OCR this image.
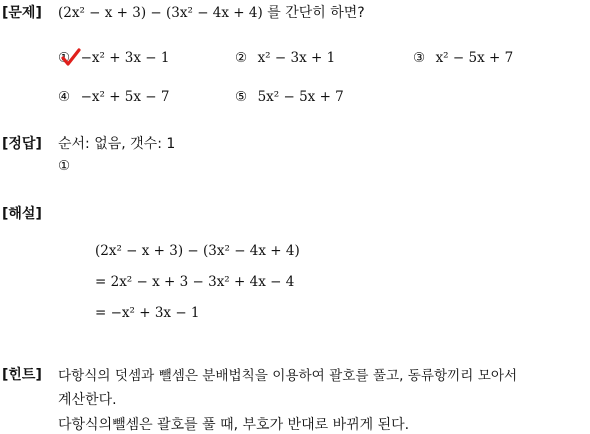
[문제] (2x² − x + 3) − (3x² − 4x + 4) 를 간단히 하면?
① −x² + 3x − 1	② x² − 3x + 1	③ x² − 5x + 7
④ −x² + 5x − 7	⑤ 5x² − 5x + 7
[정답] 순서: 없음, 갯수: 1
①
[해설]
(2x² − x + 3) − (3x² − 4x + 4)
= 2x² − x + 3 − 3x² + 4x − 4
= −x² + 3x − 1
[힌트] 다항식의 덧셈과 뺄셈은 분배법칙을 이용하여 괄호를 풀고, 동류항끼리 모아서
계산한다.
다항식의뺄셈은 괄호를 풀 때, 부호가 반대로 바뀌게 된다.
